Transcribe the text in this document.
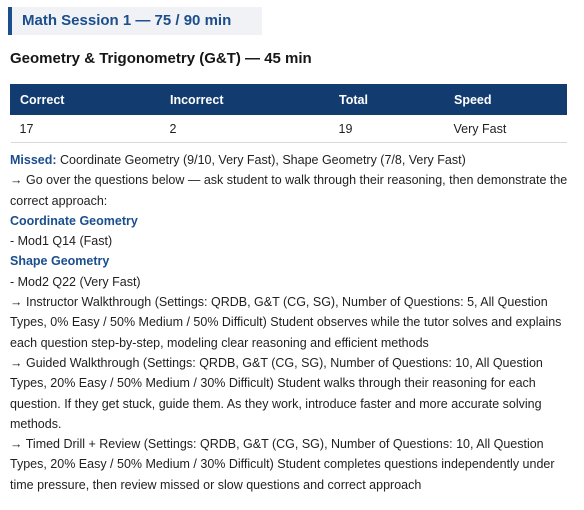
Math Session 1 — 75 / 90 min
Geometry & Trigonometry (G&T) — 45 min
Correct	Incorrect	Total	Speed
17	2	19	Very Fast

Missed: Coordinate Geometry (9/10, Very Fast), Shape Geometry (7/8, Very Fast)

→ Go over the questions below — ask student to walk through their reasoning, then demonstrate the correct approach:

Coordinate Geometry

- Mod1 Q14 (Fast)

Shape Geometry

- Mod2 Q22 (Very Fast)

→ Instructor Walkthrough (Settings: QRDB, G&T (CG, SG), Number of Questions: 5, All Question Types, 0% Easy / 50% Medium / 50% Difficult) Student observes while the tutor solves and explains each question step-by-step, modeling clear reasoning and efficient methods

→ Guided Walkthrough (Settings: QRDB, G&T (CG, SG), Number of Questions: 10, All Question Types, 20% Easy / 50% Medium / 30% Difficult) Student walks through their reasoning for each question. If they get stuck, guide them. As they work, introduce faster and more accurate solving methods.

→ Timed Drill + Review (Settings: QRDB, G&T (CG, SG), Number of Questions: 10, All Question Types, 20% Easy / 50% Medium / 30% Difficult) Student completes questions independently under time pressure, then review missed or slow questions and correct approach
